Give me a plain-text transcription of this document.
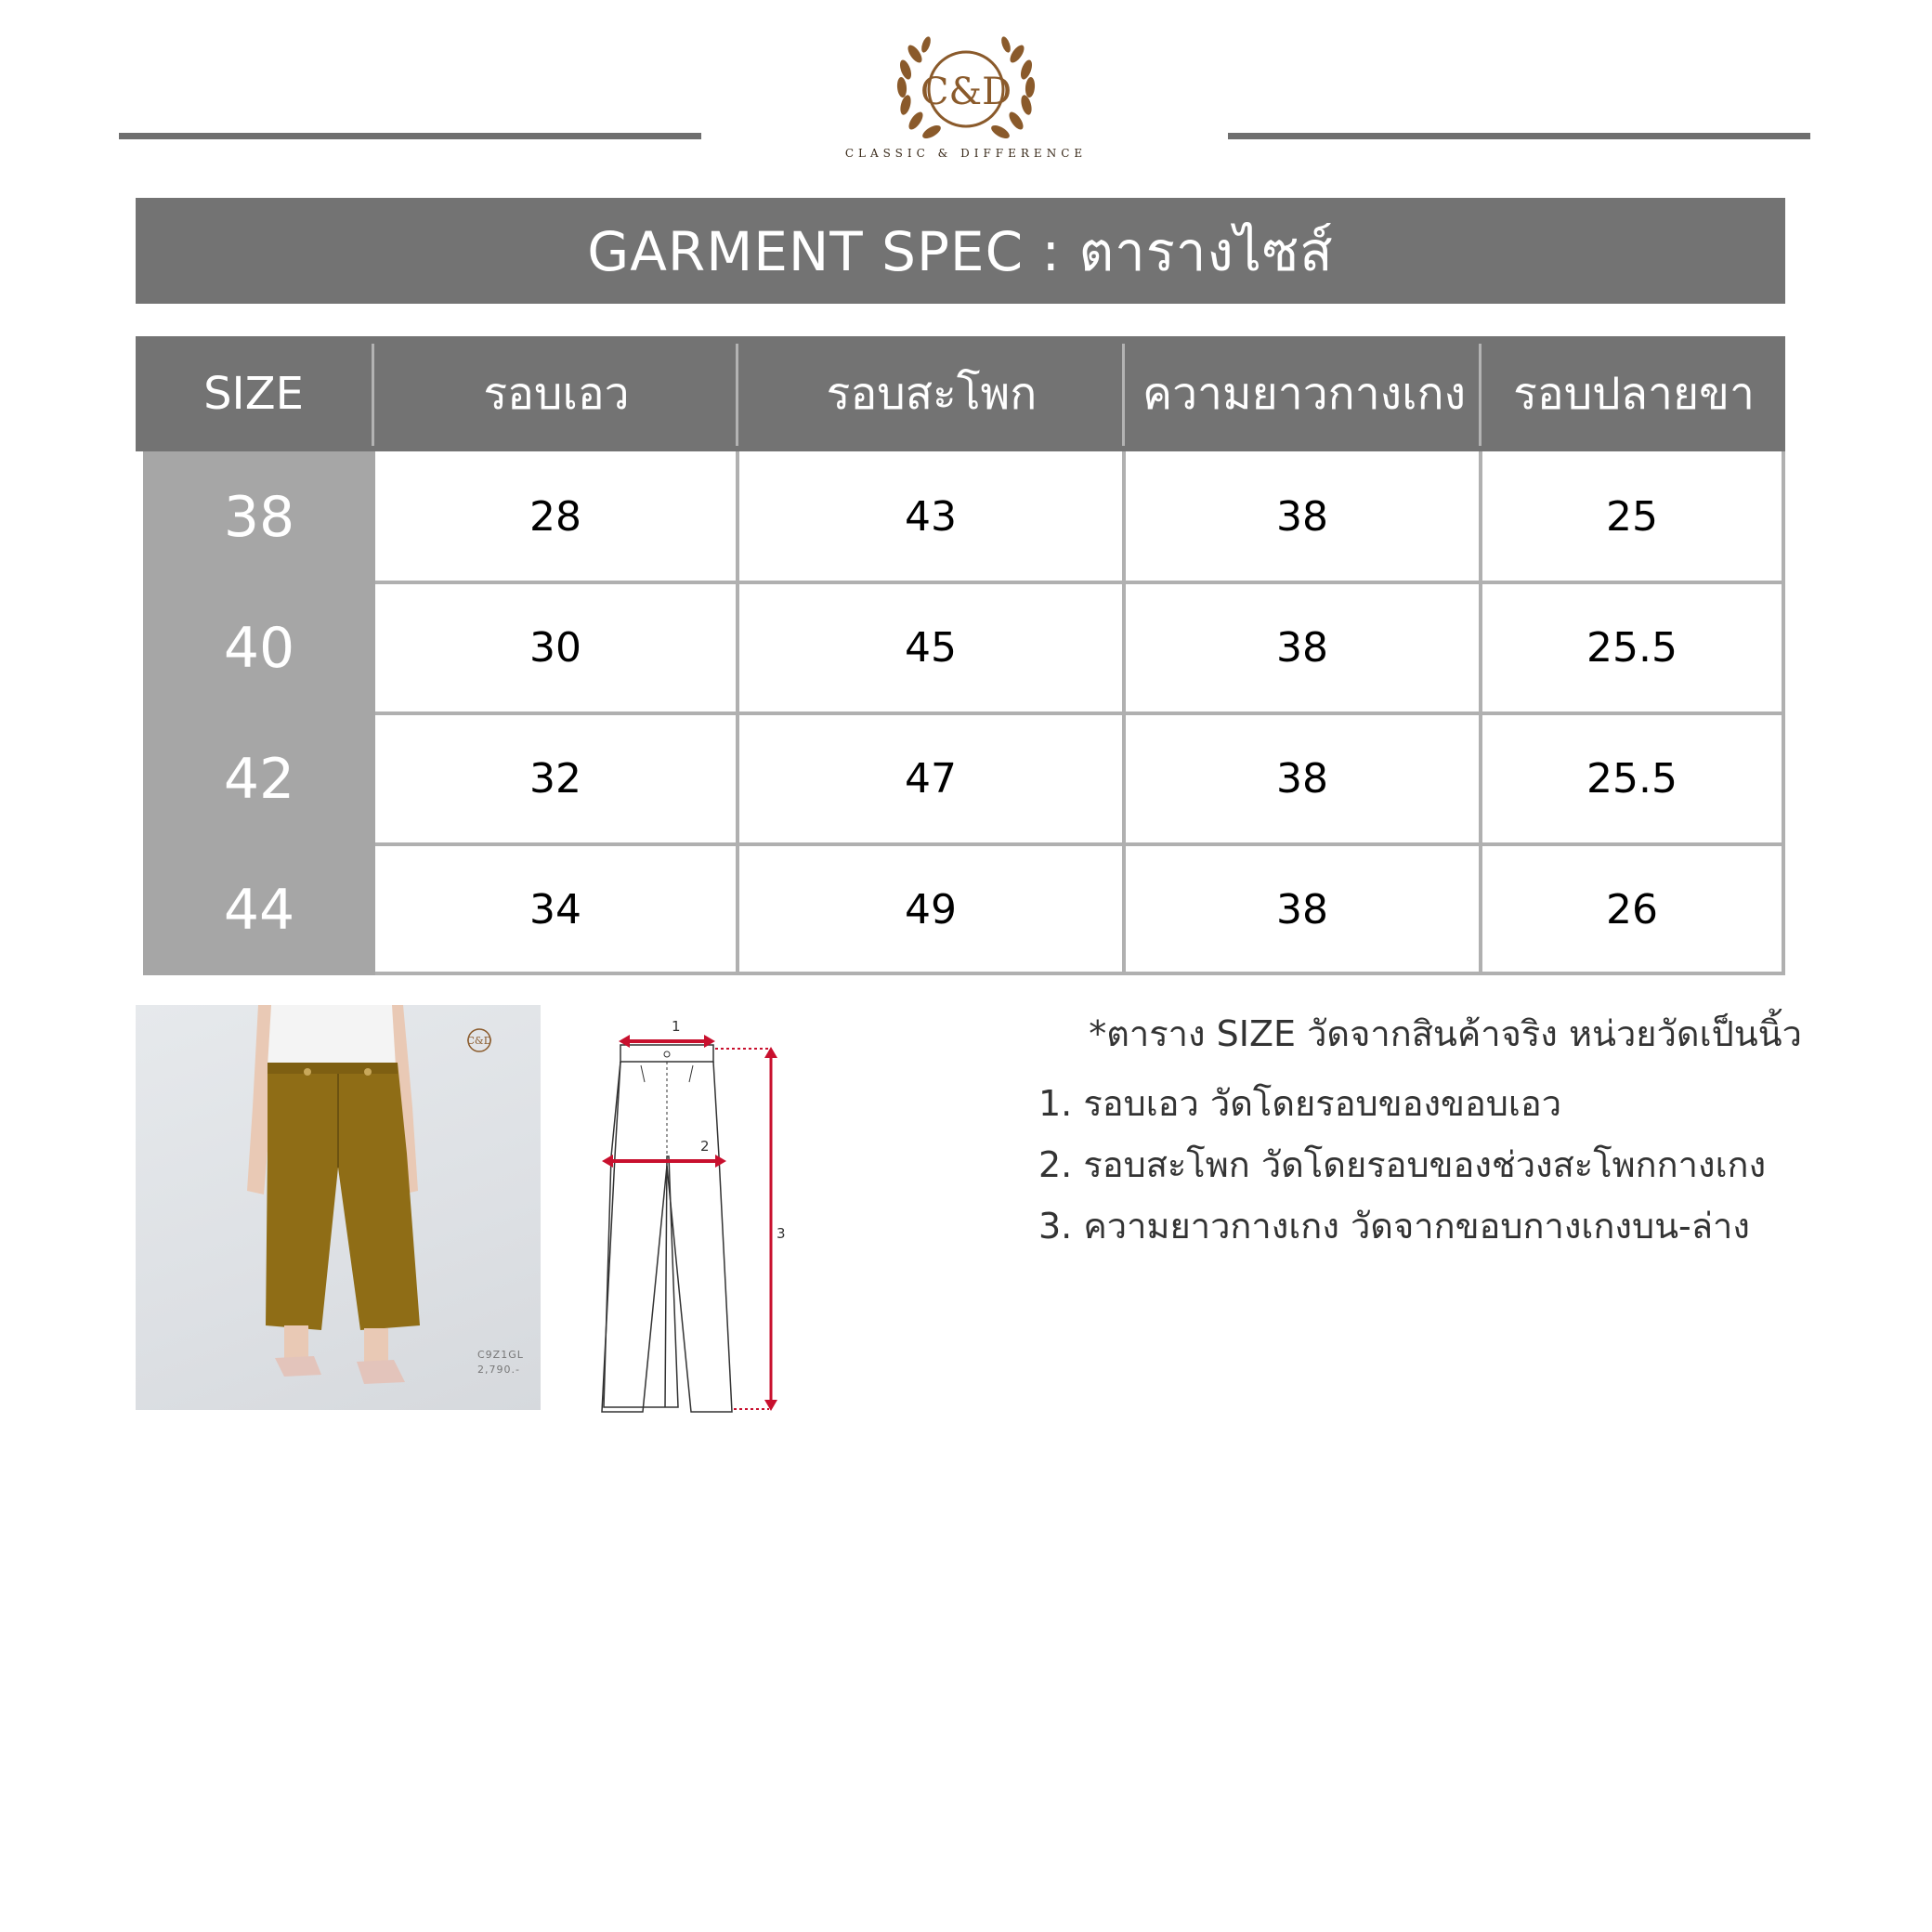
C&D
CLASSIC & DIFFERENCE
GARMENT SPEC : ตารางไซส์
SIZE	รอบเอว	รอบสะโพก	ความยาวกางเกง	รอบปลายขา
38	28	43	38	25
40	30	45	38	25.5
42	32	47	38	25.5
44	34	49	38	26
C&D
C9Z1GL
2,790.-
1
2
3
*ตาราง SIZE วัดจากสินค้าจริง หน่วยวัดเป็นนิ้ว
1. รอบเอว วัดโดยรอบของขอบเอว
2. รอบสะโพก วัดโดยรอบของช่วงสะโพกกางเกง
3. ความยาวกางเกง วัดจากขอบกางเกงบน-ล่าง
